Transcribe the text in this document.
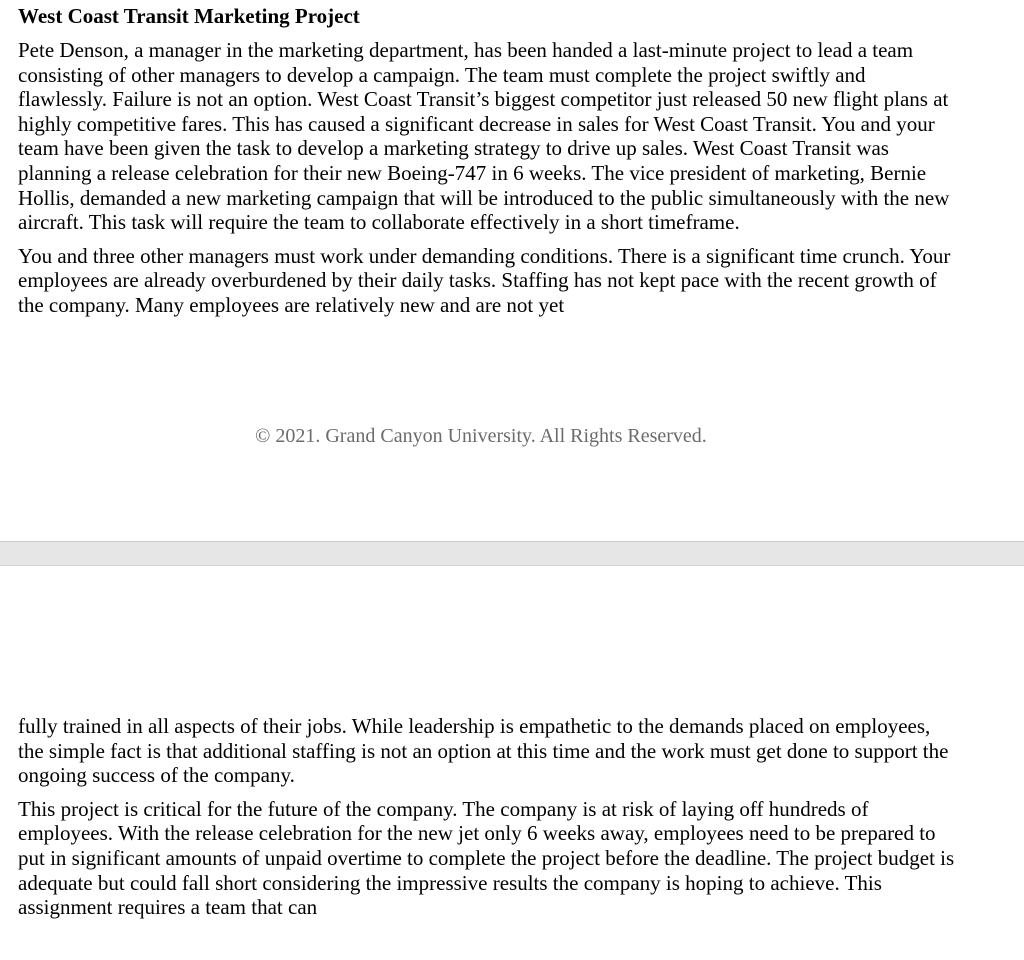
West Coast Transit Marketing Project

Pete Denson, a manager in the marketing department, has been handed a last-minute project to lead a team consisting of other managers to develop a campaign. The team must complete the project swiftly and flawlessly. Failure is not an option. West Coast Transit’s biggest competitor just released 50 new flight plans at highly competitive fares. This has caused a significant decrease in sales for West Coast Transit. You and your team have been given the task to develop a marketing strategy to drive up sales. West Coast Transit was planning a release celebration for their new Boeing-747 in 6 weeks. The vice president of marketing, Bernie Hollis, demanded a new marketing campaign that will be introduced to the public simultaneously with the new aircraft. This task will require the team to collaborate effectively in a short timeframe.

You and three other managers must work under demanding conditions. There is a significant time crunch. Your employees are already overburdened by their daily tasks. Staffing has not kept pace with the recent growth of the company. Many employees are relatively new and are not yet

© 2021. Grand Canyon University. All Rights Reserved.

fully trained in all aspects of their jobs. While leadership is empathetic to the demands placed on employees, the simple fact is that additional staffing is not an option at this time and the work must get done to support the ongoing success of the company.

This project is critical for the future of the company. The company is at risk of laying off hundreds of employees. With the release celebration for the new jet only 6 weeks away, employees need to be prepared to put in significant amounts of unpaid overtime to complete the project before the deadline. The project budget is adequate but could fall short considering the impressive results the company is hoping to achieve. This assignment requires a team that can
